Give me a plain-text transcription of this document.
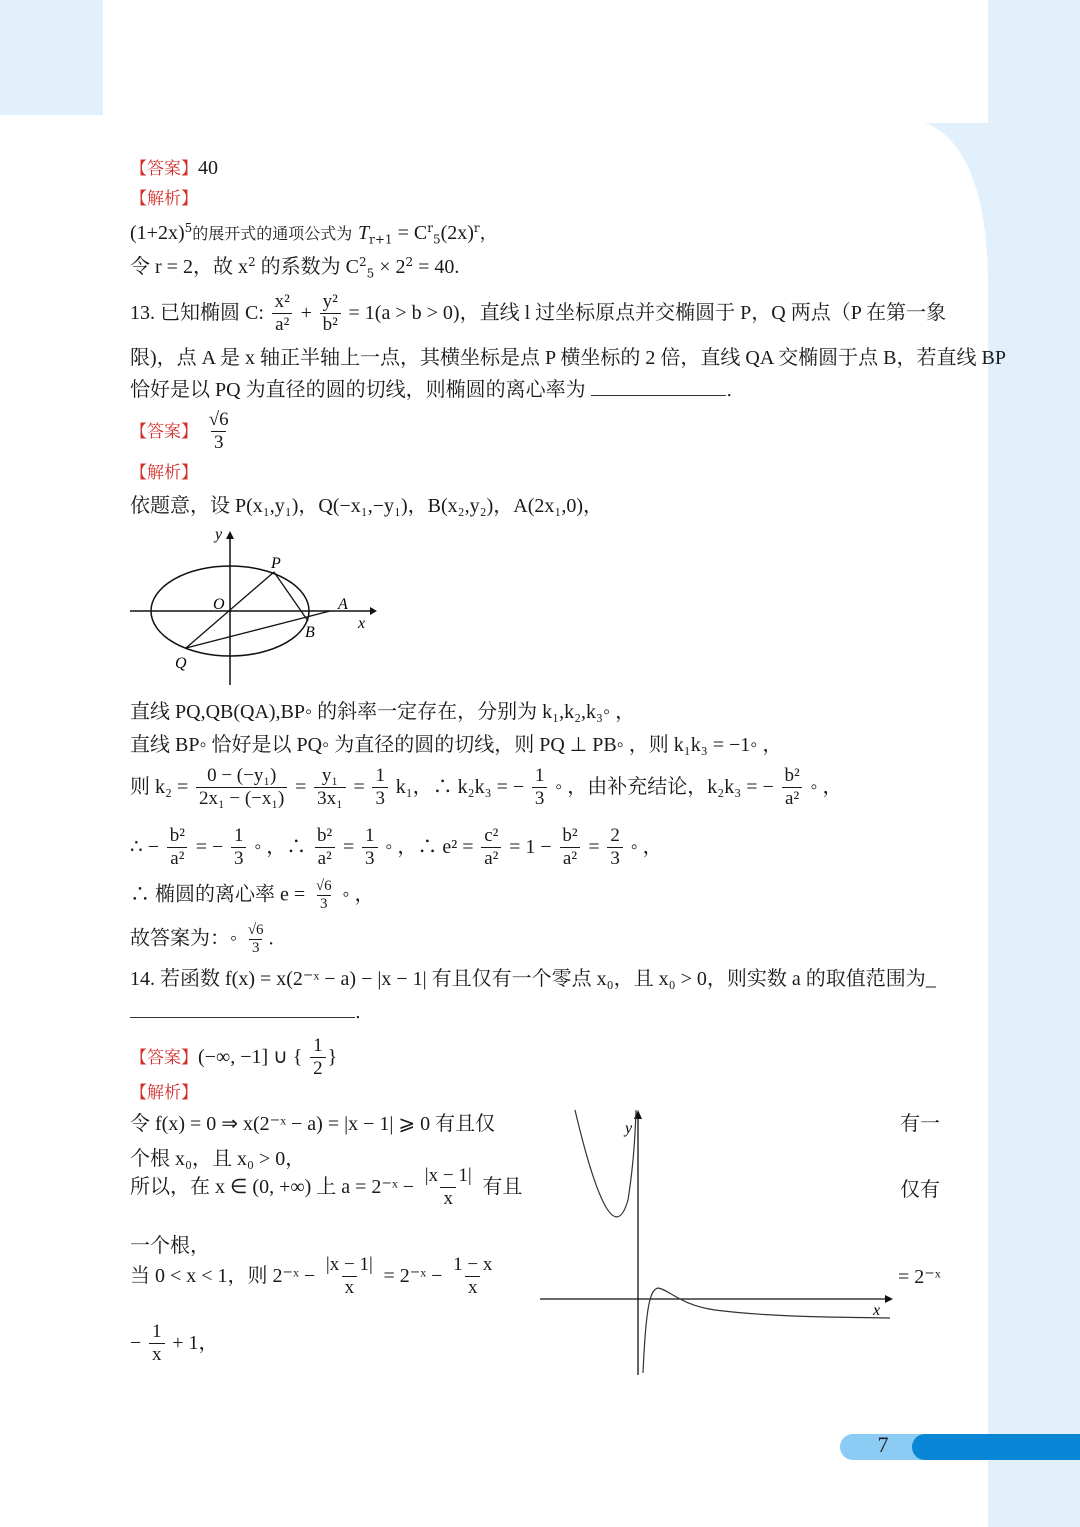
【答案】40
【解析】
$(1+2x)^5$的展开式的通项公式为 $T_{r+1} = C^r_5(2x)^r$，
令 r = 2，故 $x^2$ 的系数为 $C^2_5 \times 2^2 = 40$.
13. 已知椭圆 C: $\frac{\text{x²}}{\text{a²}} + \frac{\text{y²}}{\text{b²}} = 1(a > b > 0)$，直线 l 过坐标原点并交椭圆于 P，Q 两点（P 在第一象
限)，点 A 是 x 轴正半轴上一点，其横坐标是点 P 横坐标的 2 倍，直线 QA 交椭圆于点 B，若直线 BP
恰好是以 PQ 为直径的圆的切线，则椭圆的离心率为	.
【答案】 $\frac{√6}{3}$
【解析】
依题意，设 P(x₁,y₁)，Q(−x₁,−y₁)，B(x₂,y₂)，A(2x₁,0)，
y
x
O
P
A
B
Q
直线 PQ,QB(QA),BP◦ 的斜率一定存在，分别为 k₁,k₂,k₃◦ ，
直线 BP◦ 恰好是以 PQ◦ 为直径的圆的切线，则 PQ ⊥ PB◦ ，则 k₁k₃ = −1◦ ，
则 $k_2 = \frac{\text{0 − (−y₁)}}{\text{2x₁ − (−x₁)}} = \frac{\text{y₁}}{\text{3x₁}} = \frac{1}{3} k_1$，∴ k₂k₃ = − $\frac{1}{3}$ ◦ ，由补充结论，k₂k₃ = − $\frac{\text{b²}}{\text{a²}}$ ◦ ，
∴ − $\frac{\text{b²}}{\text{a²}}$ = − $\frac{1}{3}$ ◦ ，∴ $\frac{\text{b²}}{\text{a²}} = \frac{1}{3}$ ◦ ，∴ $e^2 = \frac{\text{c²}}{\text{a²}} = 1 - \frac{\text{b²}}{\text{a²}} = \frac{2}{3}$ ◦ ，
∴ 椭圆的离心率 $e = \frac{√6}{3}$ ◦ ，
故答案为：◦ $\frac{√6}{3}$ .
14. 若函数 f(x) = x(2⁻ˣ − a) − |x − 1| 有且仅有一个零点 x₀，且 x₀ > 0，则实数 a 的取值范围为_
.
【答案】(−∞, −1] ∪ { $\frac{1}{2}$ }
【解析】
令 f(x) = 0 ⇒ x(2⁻ˣ − a) = |x − 1| ⩾ 0 有且仅	有一
个根 x₀，且 x₀ > 0，
所以，在 x ∈ (0, +∞) 上 a = 2⁻ˣ − $\frac{|x - 1|}{x}$ 有且	仅有
一个根，
当 0 < x < 1，则 2⁻ˣ − $\frac{|x - 1|}{x}$ = 2⁻ˣ − $\frac{1 - x}{x}$	= 2⁻ˣ
− $\frac{1}{x} + 1$，
y
x
7
